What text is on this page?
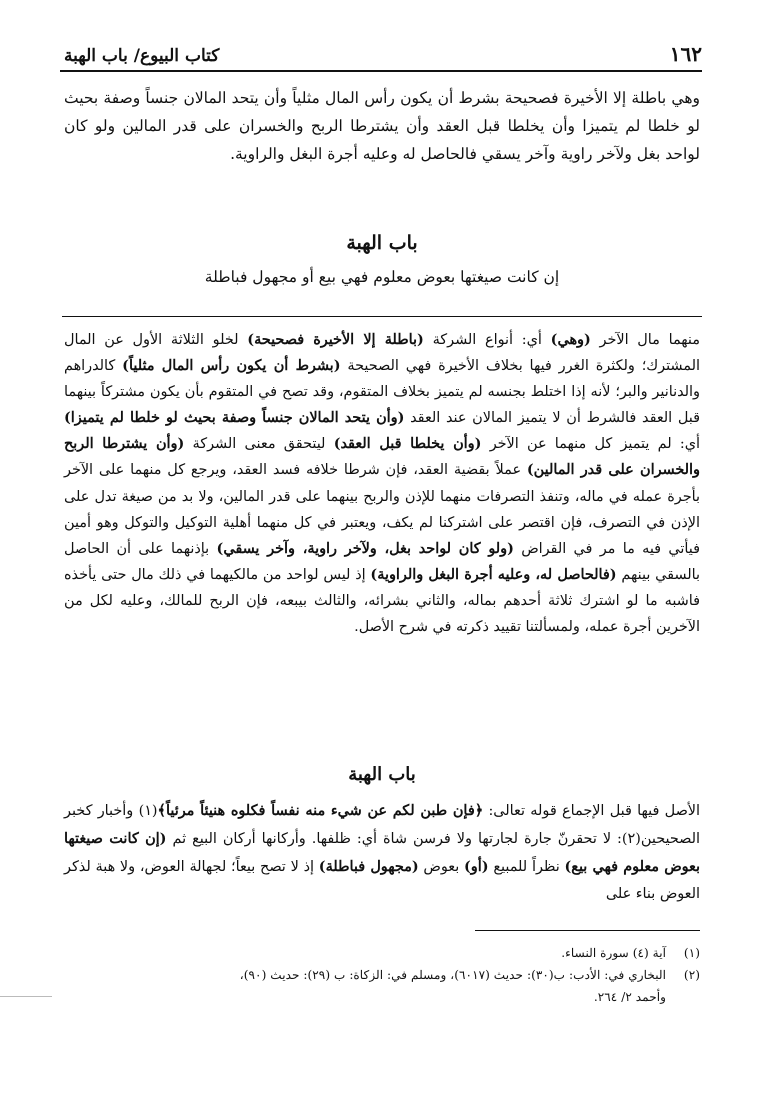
١٦٢
كتاب البيوع/ باب الهبة

وهي باطلة إلا الأخيرة فصحيحة بشرط أن يكون رأس المال مثلياً وأن يتحد المالان جنساً وصفة بحيث لو خلطا لم يتميزا وأن يخلطا قبل العقد وأن يشترطا الربح والخسران على قدر المالين ولو كان لواحد بغل ولآخر راوية وآخر يسقي فالحاصل له وعليه أجرة البغل والراوية.

باب الهبة
إن كانت صيغتها بعوض معلوم فهي بيع أو مجهول فباطلة

منهما مال الآخر (وهي) أي: أنواع الشركة (باطلة إلا الأخيرة فصحيحة) لخلو الثلاثة الأول عن المال المشترك؛ ولكثرة الغرر فيها بخلاف الأخيرة فهي الصحيحة (بشرط أن يكون رأس المال مثلياً) كالدراهم والدنانير والبر؛ لأنه إذا اختلط بجنسه لم يتميز بخلاف المتقوم، وقد تصح في المتقوم بأن يكون مشتركاً بينهما قبل العقد فالشرط أن لا يتميز المالان عند العقد (وأن يتحد المالان جنساً وصفة بحيث لو خلطا لم يتميزا) أي: لم يتميز كل منهما عن الآخر (وأن يخلطا قبل العقد) ليتحقق معنى الشركة (وأن يشترطا الربح والخسران على قدر المالين) عملاً بقضية العقد، فإن شرطا خلافه فسد العقد، ويرجع كل منهما على الآخر بأجرة عمله في ماله، وتنفذ التصرفات منهما للإذن والربح بينهما على قدر المالين، ولا بد من صيغة تدل على الإذن في التصرف، فإن اقتصر على اشتركنا لم يكف، ويعتبر في كل منهما أهلية التوكيل والتوكل وهو أمين فيأتي فيه ما مر في القراض (ولو كان لواحد بغل، ولآخر راوية، وآخر يسقي) بإذنهما على أن الحاصل بالسقي بينهم (فالحاصل له، وعليه أجرة البغل والراوية) إذ ليس لواحد من مالكيهما في ذلك مال حتى يأخذه فاشبه ما لو اشترك ثلاثة أحدهم بماله، والثاني بشرائه، والثالث بيبعه، فإن الربح للمالك، وعليه لكل من الآخرين أجرة عمله، ولمسألتنا تقييد ذكرته في شرح الأصل.

باب الهبة

الأصل فيها قبل الإجماع قوله تعالى: ﴿فإن طبن لكم عن شيء منه نفساً فكلوه هنيئاً مرئياً﴾(١) وأخبار كخبر الصحيحين(٢): لا تحقرنّ جارة لجارتها ولا فرسن شاة أي: ظلفها. وأركانها أركان البيع ثم (إن كانت صيغتها بعوض معلوم فهي بيع) نظراً للمبيع (أو) بعوض (مجهول فباطلة) إذ لا تصح بيعاً؛ لجهالة العوض، ولا هبة لذكر العوض بناء على

(١)
آية (٤) سورة النساء.
(٢)
البخاري في: الأدب: ب(٣٠): حديث (٦٠١٧)، ومسلم في: الزكاة: ب (٢٩): حديث (٩٠)،
وأحمد ٢/ ٢٦٤.
